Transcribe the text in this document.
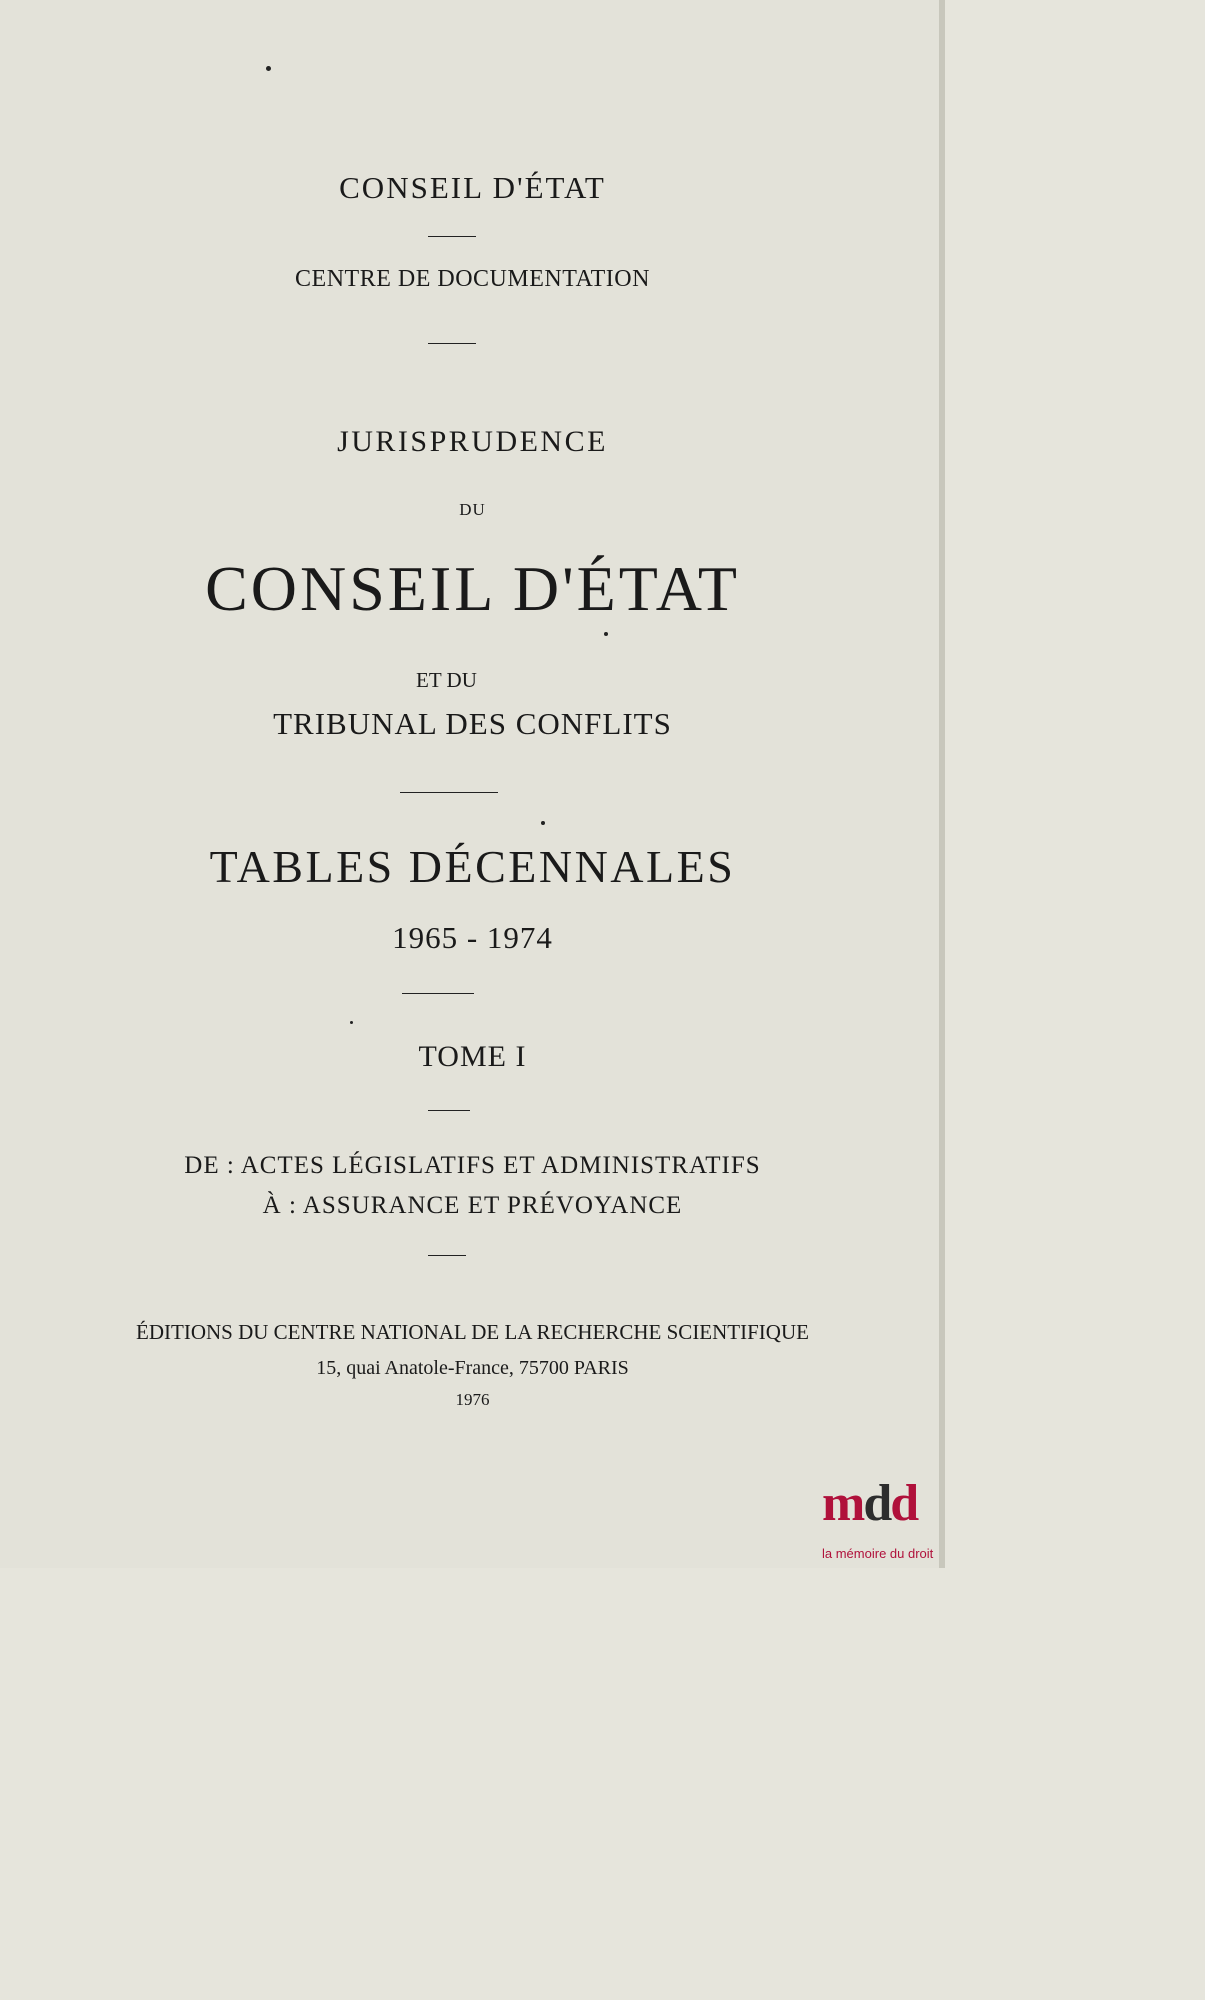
CONSEIL D'ÉTAT
CENTRE DE DOCUMENTATION
JURISPRUDENCE
DU
CONSEIL D'ÉTAT
ET DU
TRIBUNAL DES CONFLITS
TABLES DÉCENNALES
1965 - 1974
TOME I
DE : ACTES LÉGISLATIFS ET ADMINISTRATIFS
À : ASSURANCE ET PRÉVOYANCE
ÉDITIONS DU CENTRE NATIONAL DE LA RECHERCHE SCIENTIFIQUE
15, quai Anatole-France, 75700 PARIS
1976
mdd
la mémoire du droit
